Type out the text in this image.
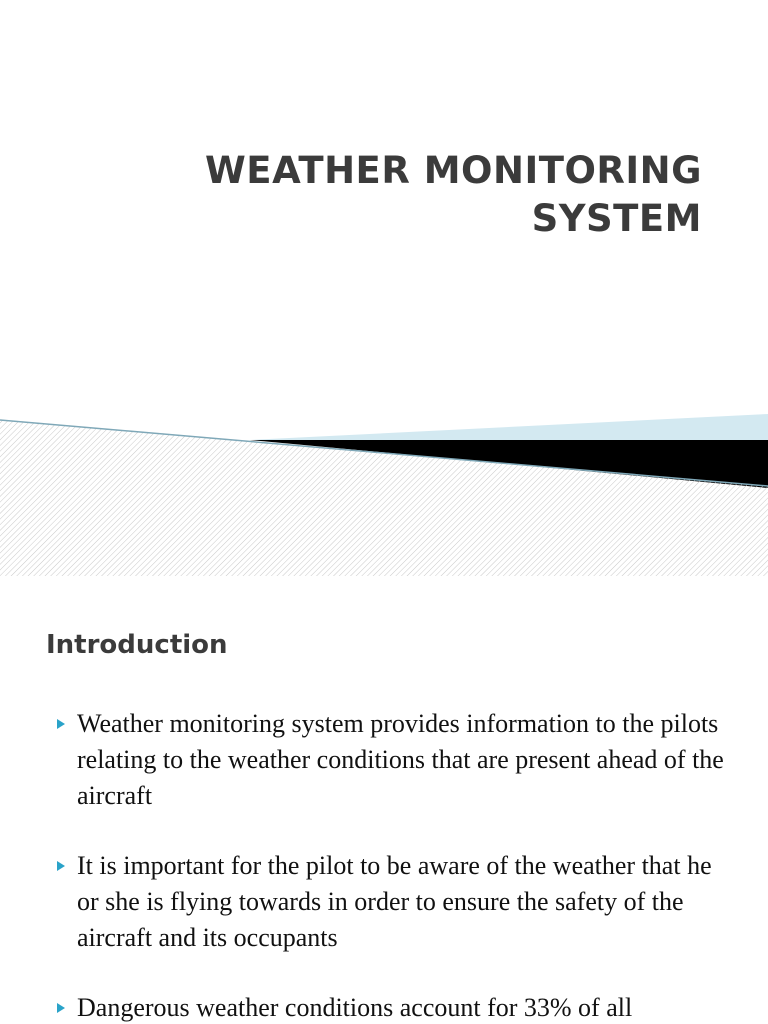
WEATHER MONITORING SYSTEM
Introduction
Weather monitoring system provides information to the pilots relating to the weather conditions that are present ahead of the aircraft
It is important for the pilot to be aware of the weather that he or she is flying towards in order to ensure the safety of the aircraft and its occupants
Dangerous weather conditions account for 33% of all
